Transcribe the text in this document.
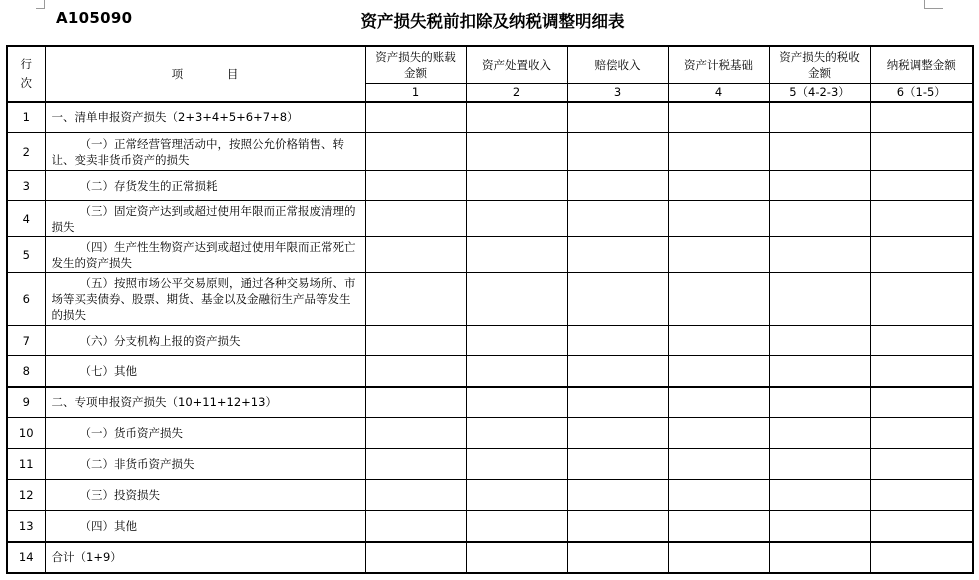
A105090	资产损失税前扣除及纳税调整明细表
行
次	项            目	资产损失的账载金额	资产处置收入	赔偿收入	资产计税基础	资产损失的税收金额	纳税调整金额
		1	2	3	4	5（4-2-3）	6（1-5）
1	一、清单申报资产损失（2+3+4+5+6+7+8）						
2	（一）正常经营管理活动中，按照公允价格销售、转让、变卖非货币资产的损失						
3	（二）存货发生的正常损耗						
4	（三）固定资产达到或超过使用年限而正常报废清理的损失						
5	（四）生产性生物资产达到或超过使用年限而正常死亡发生的资产损失						
6	（五）按照市场公平交易原则，通过各种交易场所、市场等买卖债券、股票、期货、基金以及金融衍生产品等发生的损失						
7	（六）分支机构上报的资产损失						
8	（七）其他						
9	二、专项申报资产损失（10+11+12+13）						
10	（一）货币资产损失						
11	（二）非货币资产损失						
12	（三）投资损失						
13	（四）其他						
14	合计（1+9）						
